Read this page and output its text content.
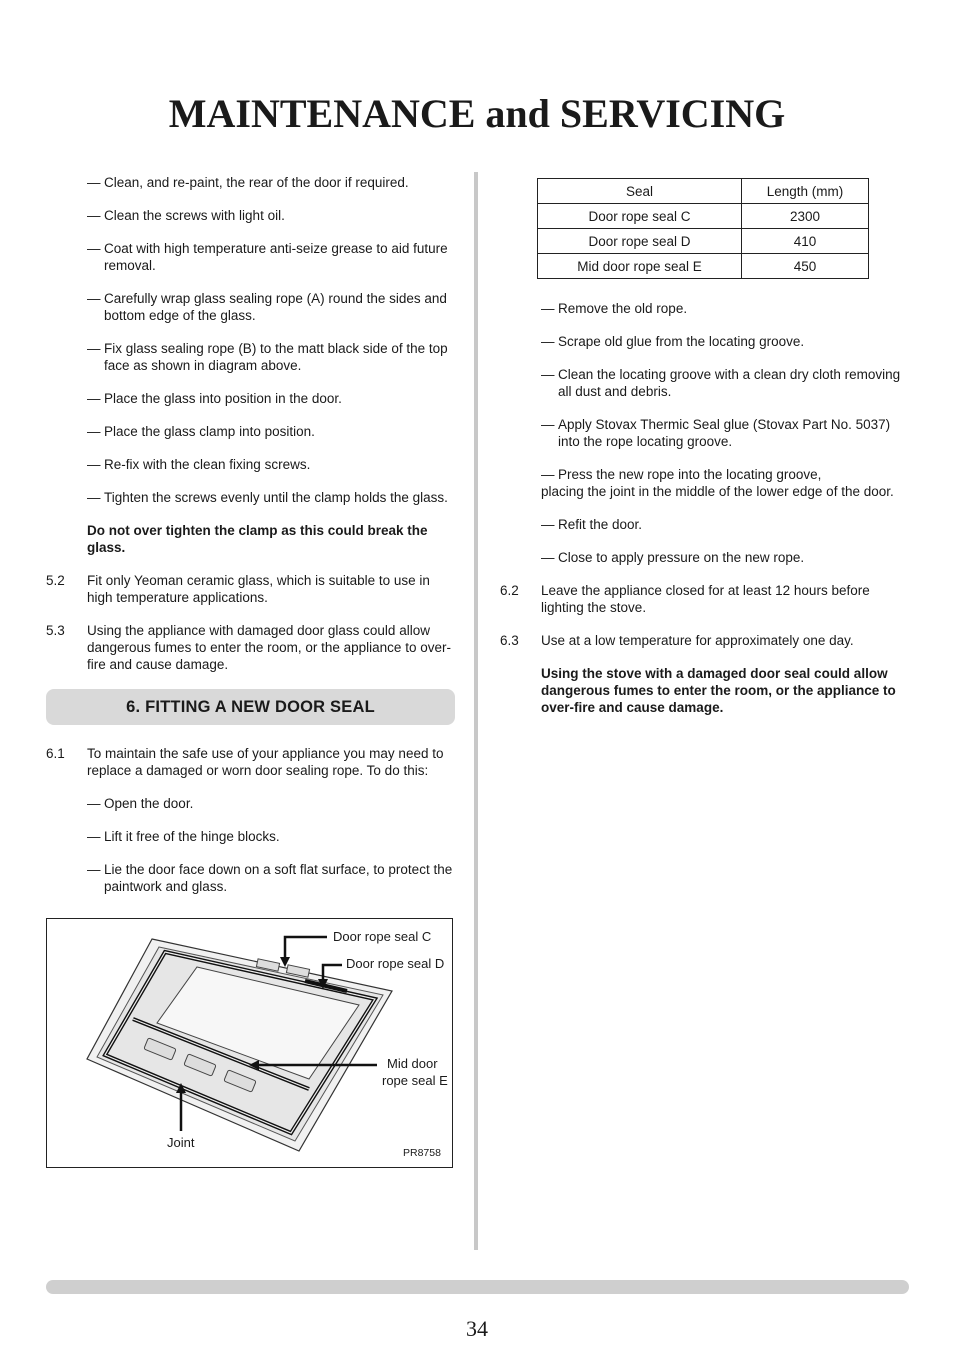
MAINTENANCE and SERVICING

— Clean, and re-paint, the rear of the door if required.

— Clean the screws with light oil.

— Coat with high temperature anti-seize grease to aid future removal.

— Carefully wrap glass sealing rope (A) round the sides and bottom edge of the glass.

— Fix glass sealing rope (B) to the matt black side of the top face as shown in diagram above.

— Place the glass into position in the door.

— Place the glass clamp into position.

— Re-fix with the clean fixing screws.

— Tighten the screws evenly until the clamp holds the glass.

Do not over tighten the clamp as this could break the glass.

5.2 Fit only Yeoman ceramic glass, which is suitable to use in high temperature applications.
5.3 Using the appliance with damaged door glass could allow dangerous fumes to enter the room, or the appliance to over-fire and cause damage.
6. FITTING A NEW DOOR SEAL
6.1 To maintain the safe use of your appliance you may need to replace a damaged or worn door sealing rope. To do this:

— Open the door.

— Lift it free of the hinge blocks.

— Lie the door face down on a soft flat surface, to protect the paintwork and glass.

Door rope seal C
Door rope seal D
Mid door
rope seal E
Joint
PR8758
Seal	Length (mm)
Door rope seal C	2300
Door rope seal D	410
Mid door rope seal E	450

— Remove the old rope.

— Scrape old glue from the locating groove.

— Clean the locating groove with a clean dry cloth removing all dust and debris.

— Apply Stovax Thermic Seal glue (Stovax Part No. 5037) into the rope locating groove.

— Press the new rope into the locating groove,
placing the joint in the middle of the lower edge of the door.

— Refit the door.

— Close to apply pressure on the new rope.

6.2 Leave the appliance closed for at least 12 hours before lighting the stove.
6.3 Use at a low temperature for approximately one day.

Using the stove with a damaged door seal could allow dangerous fumes to enter the room, or the appliance to over-fire and cause damage.

34
